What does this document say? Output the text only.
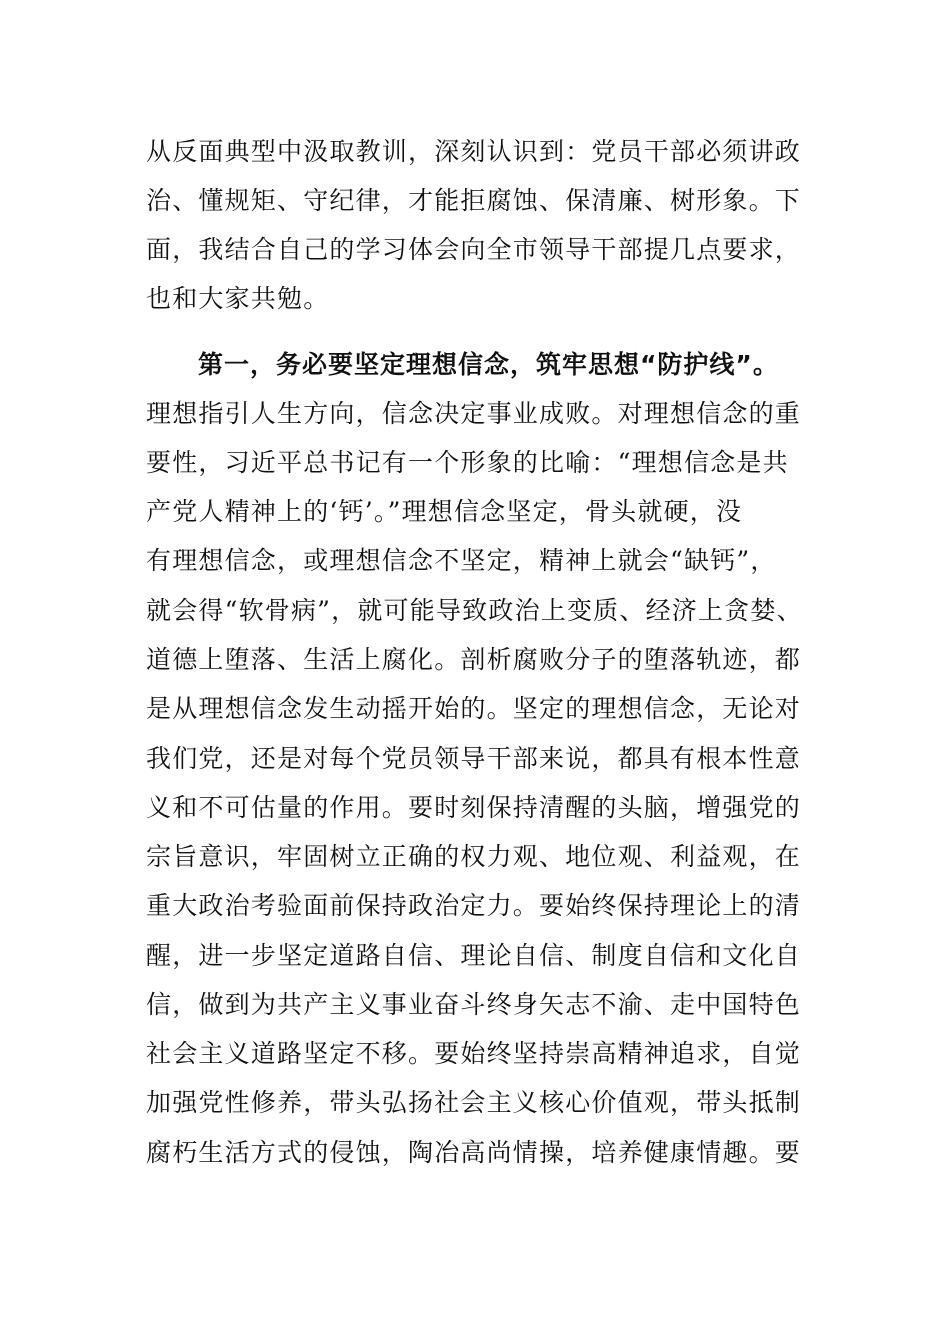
从反面典型中汲取教训，深刻认识到：党员干部必须讲政
治、懂规矩、守纪律，才能拒腐蚀、保清廉、树形象。下
面，我结合自己的学习体会向全市领导干部提几点要求，
也和大家共勉。
第一，务必要坚定理想信念，筑牢思想“防护线”。
理想指引人生方向，信念决定事业成败。对理想信念的重
要性，习近平总书记有一个形象的比喻：“理想信念是共
产党人精神上的‘钙’。”理想信念坚定，骨头就硬，没
有理想信念，或理想信念不坚定，精神上就会“缺钙”，
就会得“软骨病”，就可能导致政治上变质、经济上贪婪、
道德上堕落、生活上腐化。剖析腐败分子的堕落轨迹，都
是从理想信念发生动摇开始的。坚定的理想信念，无论对
我们党，还是对每个党员领导干部来说，都具有根本性意
义和不可估量的作用。要时刻保持清醒的头脑，增强党的
宗旨意识，牢固树立正确的权力观、地位观、利益观，在
重大政治考验面前保持政治定力。要始终保持理论上的清
醒，进一步坚定道路自信、理论自信、制度自信和文化自
信，做到为共产主义事业奋斗终身矢志不渝、走中国特色
社会主义道路坚定不移。要始终坚持崇高精神追求，自觉
加强党性修养，带头弘扬社会主义核心价值观，带头抵制
腐朽生活方式的侵蚀，陶冶高尚情操，培养健康情趣。要
